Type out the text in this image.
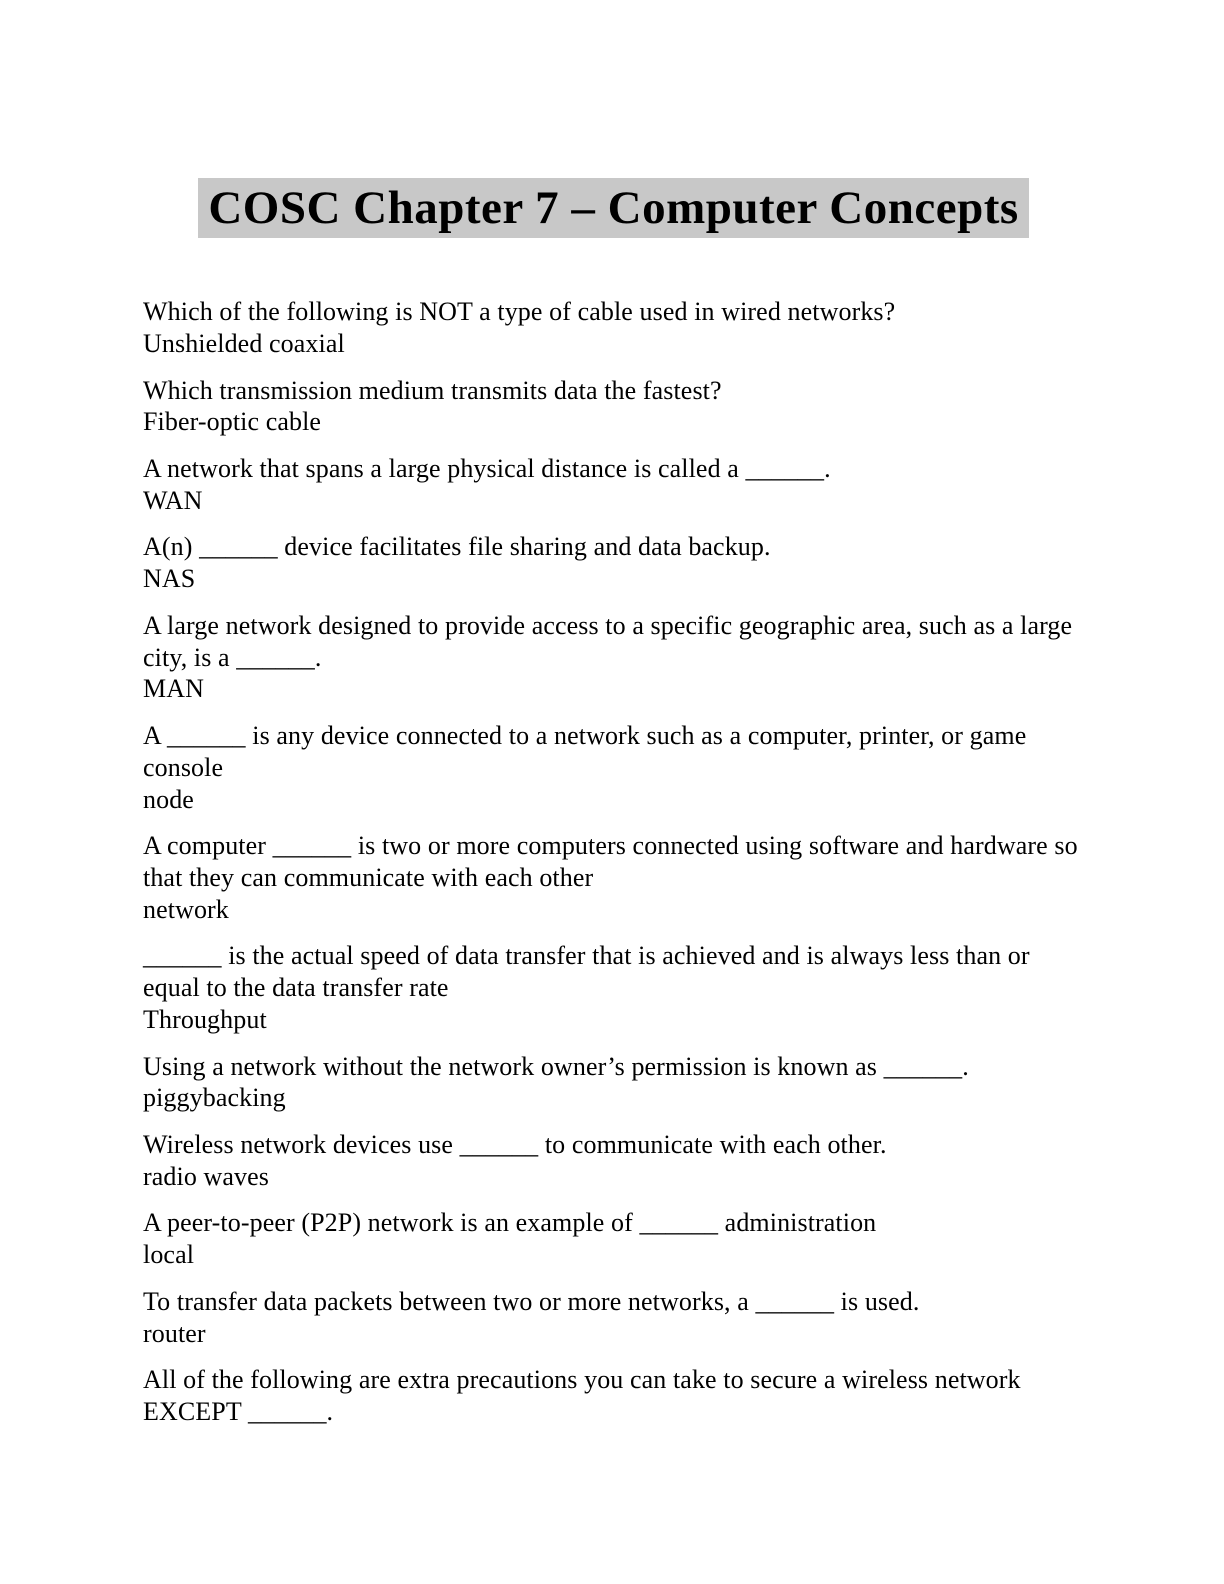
COSC Chapter 7 – Computer Concepts
Which of the following is NOT a type of cable used in wired networks?
Unshielded coaxial
Which transmission medium transmits data the fastest?
Fiber-optic cable
A network that spans a large physical distance is called a ______.
WAN
A(n) ______ device facilitates file sharing and data backup.
NAS
A large network designed to provide access to a specific geographic area, such as a large city, is a ______.
MAN
A ______ is any device connected to a network such as a computer, printer, or game console
node
A computer ______ is two or more computers connected using software and hardware so that they can communicate with each other
network
______ is the actual speed of data transfer that is achieved and is always less than or equal to the data transfer rate
Throughput
Using a network without the network owner’s permission is known as ______.
piggybacking
Wireless network devices use ______ to communicate with each other.
radio waves
A peer-to-peer (P2P) network is an example of ______ administration
local
To transfer data packets between two or more networks, a ______ is used.
router
All of the following are extra precautions you can take to secure a wireless network EXCEPT ______.
